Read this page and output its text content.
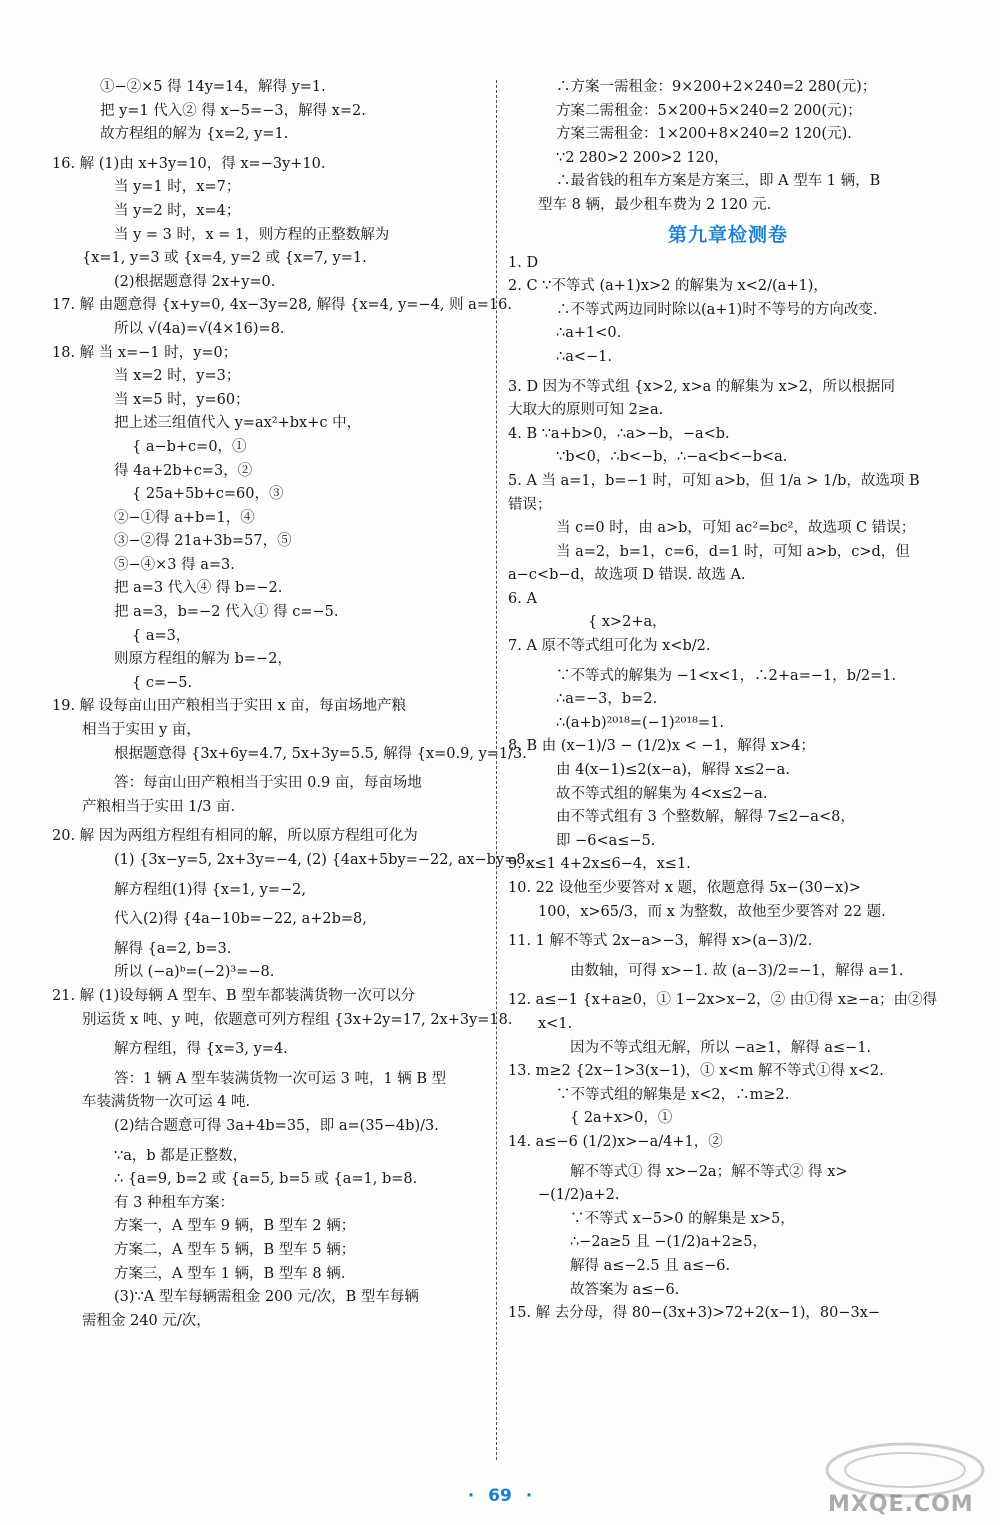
①−②×5 得 14y=14，解得 y=1.
把 y=1 代入② 得 x−5=−3，解得 x=2.
故方程组的解为 {x=2, y=1.
16. 解 (1)由 x+3y=10，得 x=−3y+10.
当 y=1 时，x=7；
当 y=2 时，x=4；
当 y = 3 时，x = 1，则方程的正整数解为
{x=1, y=3 或 {x=4, y=2 或 {x=7, y=1.
(2)根据题意得 2x+y=0.
17. 解 由题意得 {x+y=0, 4x−3y=28, 解得 {x=4, y=−4, 则 a=16.
所以 √(4a)=√(4×16)=8.
18. 解 当 x=−1 时，y=0；
当 x=2 时，y=3；
当 x=5 时，y=60；
把上述三组值代入 y=ax²+bx+c 中，
{ a−b+c=0，①
得 4a+2b+c=3，②
{ 25a+5b+c=60，③
②−①得 a+b=1，④
③−②得 21a+3b=57，⑤
⑤−④×3 得 a=3.
把 a=3 代入④ 得 b=−2.
把 a=3，b=−2 代入① 得 c=−5.
{ a=3，
则原方程组的解为 b=−2，
{ c=−5.
19. 解 设每亩山田产粮相当于实田 x 亩，每亩场地产粮
相当于实田 y 亩，
根据题意得 {3x+6y=4.7, 5x+3y=5.5, 解得 {x=0.9, y=1/3.
答：每亩山田产粮相当于实田 0.9 亩，每亩场地
产粮相当于实田 1/3 亩.
20. 解 因为两组方程组有相同的解，所以原方程组可化为
(1) {3x−y=5, 2x+3y=−4, (2) {4ax+5by=−22, ax−by=8,
解方程组(1)得 {x=1, y=−2,
代入(2)得 {4a−10b=−22, a+2b=8,
解得 {a=2, b=3.
所以 (−a)ᵇ=(−2)³=−8.
21. 解 (1)设每辆 A 型车、B 型车都装满货物一次可以分
别运货 x 吨、y 吨，依题意可列方程组 {3x+2y=17, 2x+3y=18.
解方程组，得 {x=3, y=4.
答：1 辆 A 型车装满货物一次可运 3 吨，1 辆 B 型
车装满货物一次可运 4 吨.
(2)结合题意可得 3a+4b=35，即 a=(35−4b)/3.
∵a，b 都是正整数，
∴ {a=9, b=2 或 {a=5, b=5 或 {a=1, b=8.
有 3 种租车方案：
方案一，A 型车 9 辆，B 型车 2 辆；
方案二，A 型车 5 辆，B 型车 5 辆；
方案三，A 型车 1 辆，B 型车 8 辆.
(3)∵A 型车每辆需租金 200 元/次，B 型车每辆
需租金 240 元/次，
∴方案一需租金：9×200+2×240=2 280(元)；
方案二需租金：5×200+5×240=2 200(元)；
方案三需租金：1×200+8×240=2 120(元).
∵2 280>2 200>2 120，
∴最省钱的租车方案是方案三，即 A 型车 1 辆，B
型车 8 辆，最少租车费为 2 120 元.
第九章检测卷
1. D
2. C ∵不等式 (a+1)x>2 的解集为 x<2/(a+1)，
∴不等式两边同时除以(a+1)时不等号的方向改变.
∴a+1<0.
∴a<−1.
3. D 因为不等式组 {x>2, x>a 的解集为 x>2，所以根据同
大取大的原则可知 2≥a.
4. B ∵a+b>0，∴a>−b，−a<b.
∵b<0，∴b<−b，∴−a<b<−b<a.
5. A 当 a=1，b=−1 时，可知 a>b，但 1/a > 1/b，故选项 B
错误；
当 c=0 时，由 a>b，可知 ac²=bc²，故选项 C 错误；
当 a=2，b=1，c=6，d=1 时，可知 a>b，c>d，但
a−c<b−d，故选项 D 错误. 故选 A.
6. A
{ x>2+a，
7. A 原不等式组可化为 x<b/2.
∵不等式的解集为 −1<x<1，∴2+a=−1，b/2=1.
∴a=−3，b=2.
∴(a+b)²⁰¹⁸=(−1)²⁰¹⁸=1.
8. B 由 (x−1)/3 − (1/2)x < −1，解得 x>4；
由 4(x−1)≤2(x−a)，解得 x≤2−a.
故不等式组的解集为 4<x≤2−a.
由不等式组有 3 个整数解，解得 7≤2−a<8，
即 −6<a≤−5.
9. x≤1 4+2x≤6−4，x≤1.
10. 22 设他至少要答对 x 题，依题意得 5x−(30−x)>
100，x>65/3，而 x 为整数，故他至少要答对 22 题.
11. 1 解不等式 2x−a>−3，解得 x>(a−3)/2.
由数轴，可得 x>−1. 故 (a−3)/2=−1，解得 a=1.
12. a≤−1 {x+a≥0，① 1−2x>x−2，② 由①得 x≥−a；由②得
x<1.
因为不等式组无解，所以 −a≥1，解得 a≤−1.
13. m≥2 {2x−1>3(x−1)，① x<m 解不等式①得 x<2.
∵不等式组的解集是 x<2，∴m≥2.
{ 2a+x>0，①
14. a≤−6 (1/2)x>−a/4+1，②
解不等式① 得 x>−2a；解不等式② 得 x>
−(1/2)a+2.
∵不等式 x−5>0 的解集是 x>5，
∴−2a≥5 且 −(1/2)a+2≥5，
解得 a≤−2.5 且 a≤−6.
故答案为 a≤−6.
15. 解 去分母，得 80−(3x+3)>72+2(x−1)，80−3x−
· 69 ·	MXQE.COM
